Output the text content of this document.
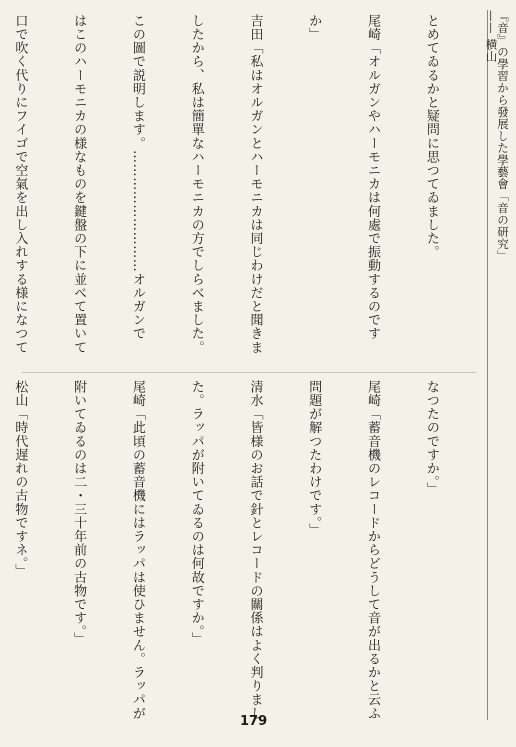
『音』の學習から發展した學藝會「音の研究」—— 横山

とめてゐるかと疑問に思つてゐました。

尾崎「オルガンやハーモニカは何處で振動するのです

か」

吉田「私はオルガンとハーモニカは同じわけだと聞きま

したから、私は簡單なハーモニカの方でしらべました。

この圖で説明します。………………………オルガンで

はこのハーモニカの様なものを鍵盤の下に並べて置いて

口で吹く代りにフイゴで空氣を出し入れする様になつて

なつたのですか。」

尾崎「蓄音機のレコードからどうして音が出るかと云ふ

問題が解つたわけです。」

清水「皆様のお話で針とレコードの關係はよく判りまし

た。ラッパが附いてゐるのは何故ですか。」

尾崎「此頃の蓄音機にはラッパは使ひません。ラッパが

附いてゐるのは二・三十年前の古物です。」

松山「時代遅れの古物ですネ。」

179
